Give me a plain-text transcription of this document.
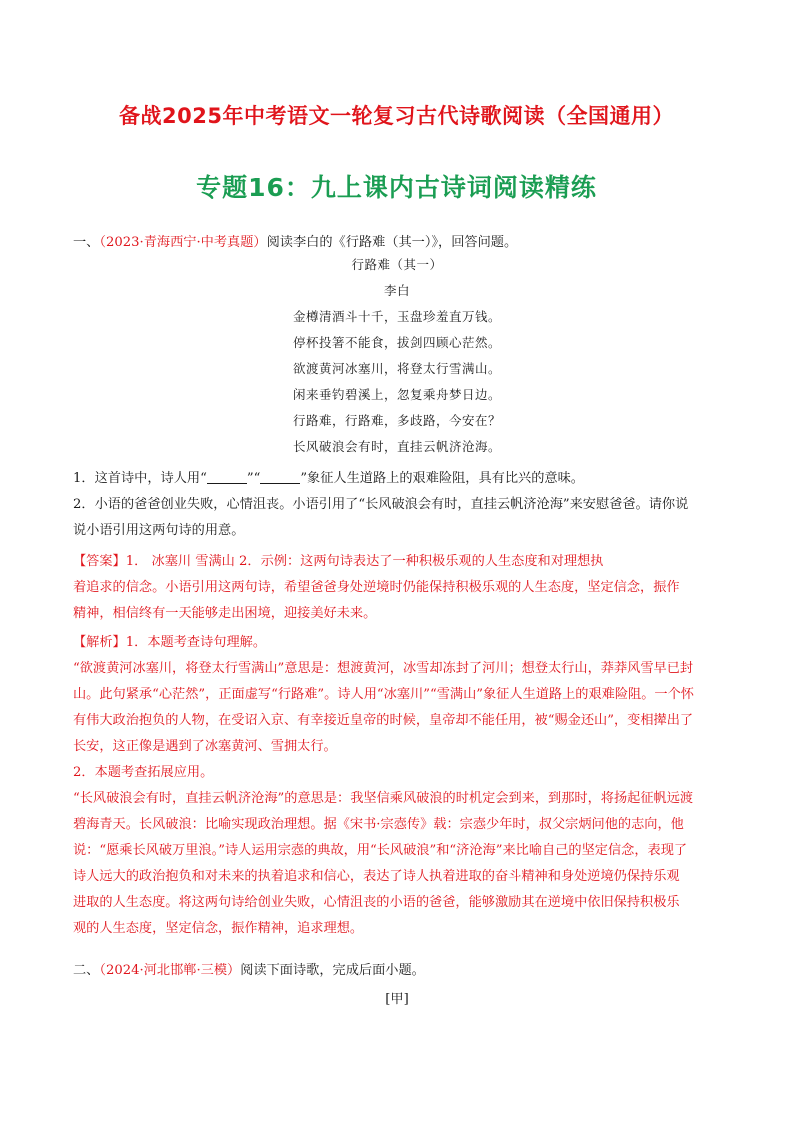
备战2025年中考语文一轮复习古代诗歌阅读（全国通用）
专题16：九上课内古诗词阅读精练
一、（2023·青海西宁·中考真题）阅读李白的《行路难（其一）》，回答问题。
行路难（其一）
李白
金樽清酒斗十千，玉盘珍羞直万钱。
停杯投箸不能食，拔剑四顾心茫然。
欲渡黄河冰塞川，将登太行雪满山。
闲来垂钓碧溪上，忽复乘舟梦日边。
行路难，行路难，多歧路，今安在？
长风破浪会有时，直挂云帆济沧海。
1．这首诗中，诗人用“	”“	”象征人生道路上的艰难险阻，具有比兴的意味。
2．小语的爸爸创业失败，心情沮丧。小语引用了“长风破浪会有时，直挂云帆济沧海”来安慰爸爸。请你说
说小语引用这两句诗的用意。
【答案】1． 冰塞川 雪满山 2．示例：这两句诗表达了一种积极乐观的人生态度和对理想执
着追求的信念。小语引用这两句诗，希望爸爸身处逆境时仍能保持积极乐观的人生态度，坚定信念，振作
精神，相信终有一天能够走出困境，迎接美好未来。
【解析】1．本题考查诗句理解。
“欲渡黄河冰塞川，将登太行雪满山”意思是：想渡黄河，冰雪却冻封了河川；想登太行山，莽莽风雪早已封
山。此句紧承“心茫然”，正面虚写“行路难”。诗人用“冰塞川”“雪满山”象征人生道路上的艰难险阻。一个怀
有伟大政治抱负的人物，在受诏入京、有幸接近皇帝的时候，皇帝却不能任用，被“赐金还山”，变相撵出了
长安，这正像是遇到了冰塞黄河、雪拥太行。
2．本题考查拓展应用。
“长风破浪会有时，直挂云帆济沧海”的意思是：我坚信乘风破浪的时机定会到来，到那时，将扬起征帆远渡
碧海青天。长风破浪：比喻实现政治理想。据《宋书·宗悫传》载：宗悫少年时，叔父宗炳问他的志向，他
说：“愿乘长风破万里浪。”诗人运用宗悫的典故，用“长风破浪”和“济沧海”来比喻自己的坚定信念，表现了
诗人远大的政治抱负和对未来的执着追求和信心，表达了诗人执着进取的奋斗精神和身处逆境仍保持乐观
进取的人生态度。将这两句诗给创业失败，心情沮丧的小语的爸爸，能够激励其在逆境中依旧保持积极乐
观的人生态度，坚定信念，振作精神，追求理想。
二、（2024·河北邯郸·三模）阅读下面诗歌，完成后面小题。
[甲]
